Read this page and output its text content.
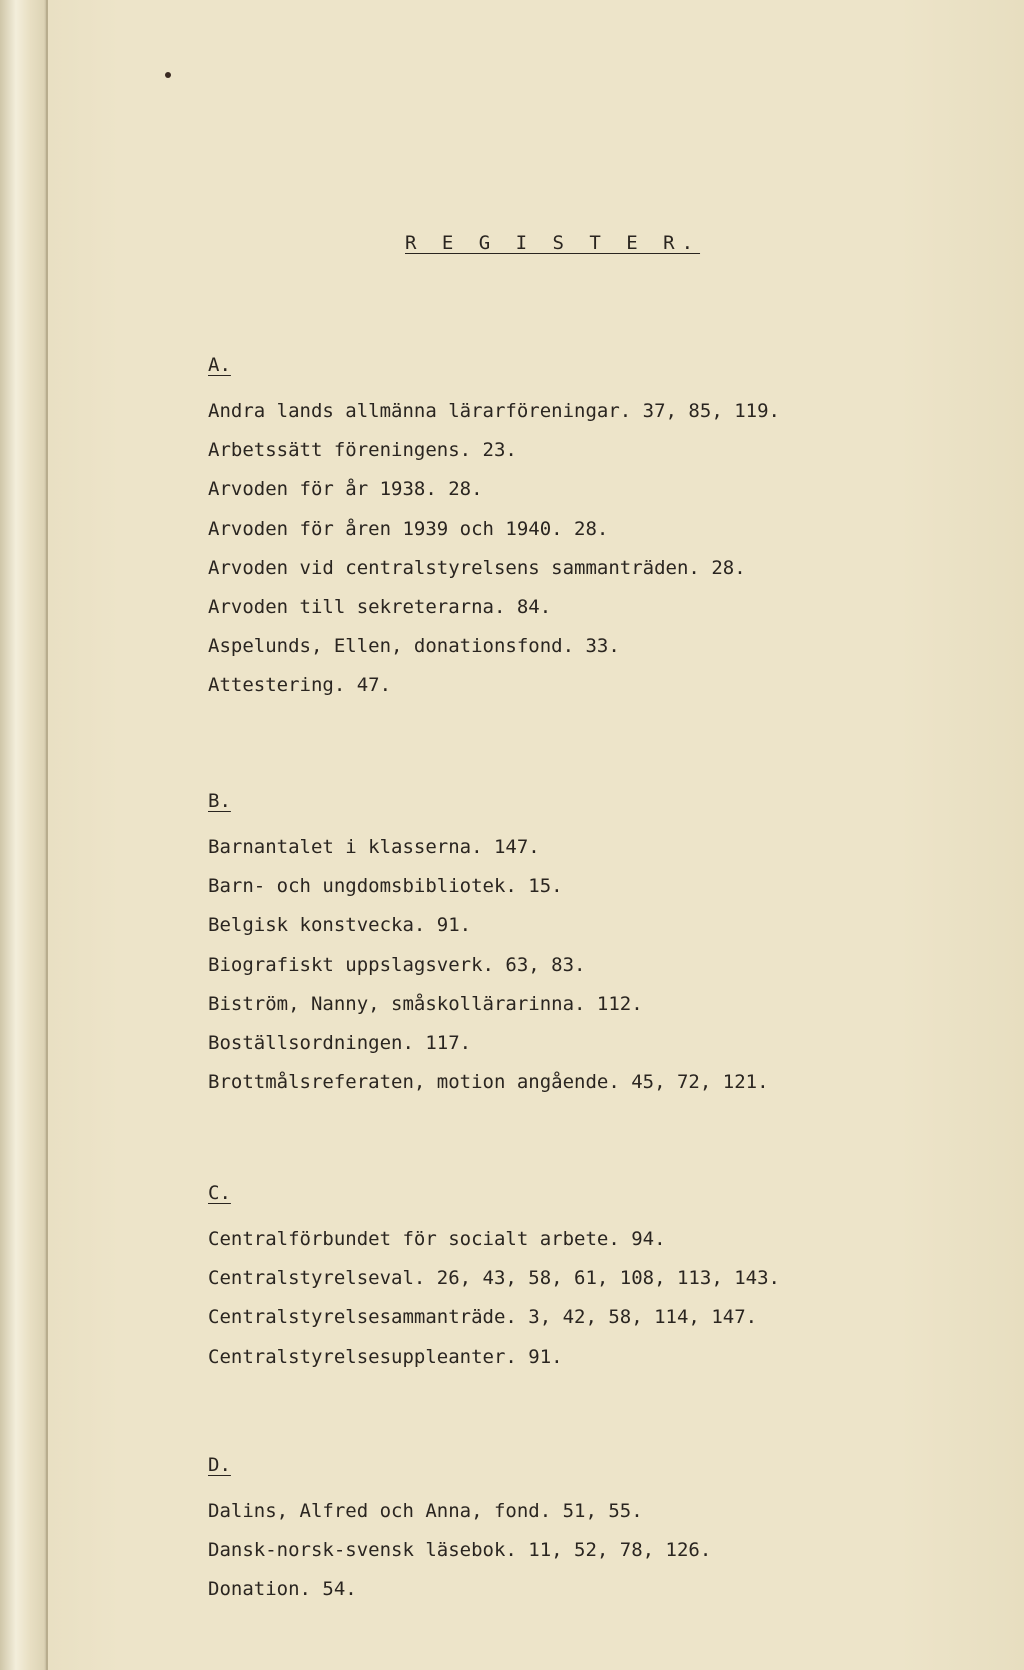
R E G I S T E R.
A.
Andra lands allmänna lärarföreningar. 37, 85, 119.
Arbetssätt föreningens. 23.
Arvoden för år 1938. 28.
Arvoden för åren 1939 och 1940. 28.
Arvoden vid centralstyrelsens sammanträden. 28.
Arvoden till sekreterarna. 84.
Aspelunds, Ellen, donationsfond. 33.
Attestering. 47.
B.
Barnantalet i klasserna. 147.
Barn- och ungdomsbibliotek. 15.
Belgisk konstvecka. 91.
Biografiskt uppslagsverk. 63, 83.
Biström, Nanny, småskollärarinna. 112.
Boställsordningen. 117.
Brottmålsreferaten, motion angående. 45, 72, 121.
C.
Centralförbundet för socialt arbete. 94.
Centralstyrelseval. 26, 43, 58, 61, 108, 113, 143.
Centralstyrelsesammanträde. 3, 42, 58, 114, 147.
Centralstyrelsesuppleanter. 91.
D.
Dalins, Alfred och Anna, fond. 51, 55.
Dansk-norsk-svensk läsebok. 11, 52, 78, 126.
Donation. 54.
